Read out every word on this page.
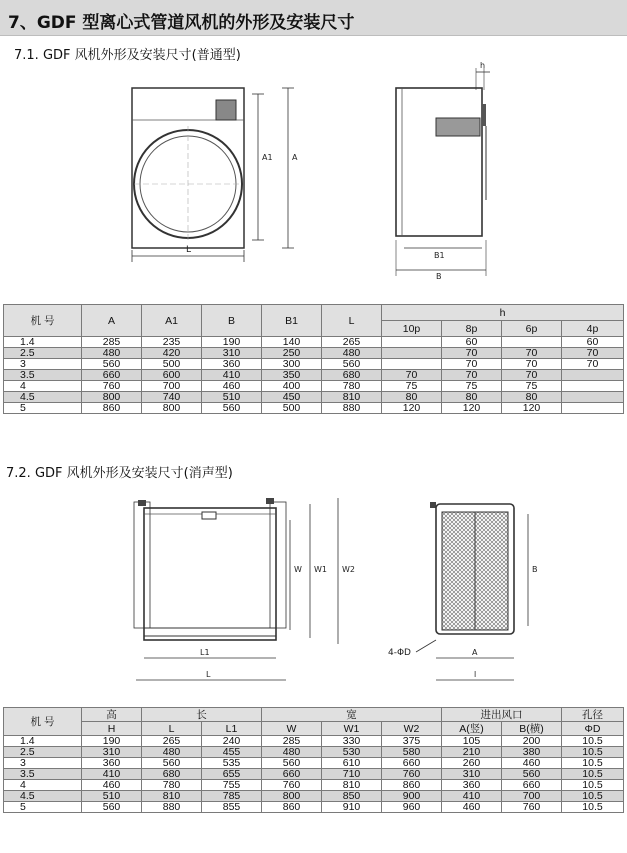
7、GDF 型离心式管道风机的外形及安装尺寸
7.1. GDF 风机外形及安装尺寸(普通型)
A1 A
L
h
B1
B
机 号	A	A1	B	B1	L	h			
						10p	8p	6p	4p
1.4	285	235	190	140	265		60		60
2.5	480	420	310	250	480		70	70	70
3	560	500	360	300	560		70	70	70
3.5	660	600	410	350	680	70	70	70	
4	760	700	460	400	780	75	75	75	
4.5	800	740	510	450	810	80	80	80	
5	860	800	560	500	880	120	120	120	
7.2. GDF 风机外形及安装尺寸(消声型)
W W1 W2
L1
L
B
4-ΦD	A
l
机 号	高	长		宽			进出风口		孔径
	H	L	L1	W	W1	W2	A(竖)	B(横)	ΦD
1.4	190	265	240	285	330	375	105	200	10.5
2.5	310	480	455	480	530	580	210	380	10.5
3	360	560	535	560	610	660	260	460	10.5
3.5	410	680	655	660	710	760	310	560	10.5
4	460	780	755	760	810	860	360	660	10.5
4.5	510	810	785	800	850	900	410	700	10.5
5	560	880	855	860	910	960	460	760	10.5
